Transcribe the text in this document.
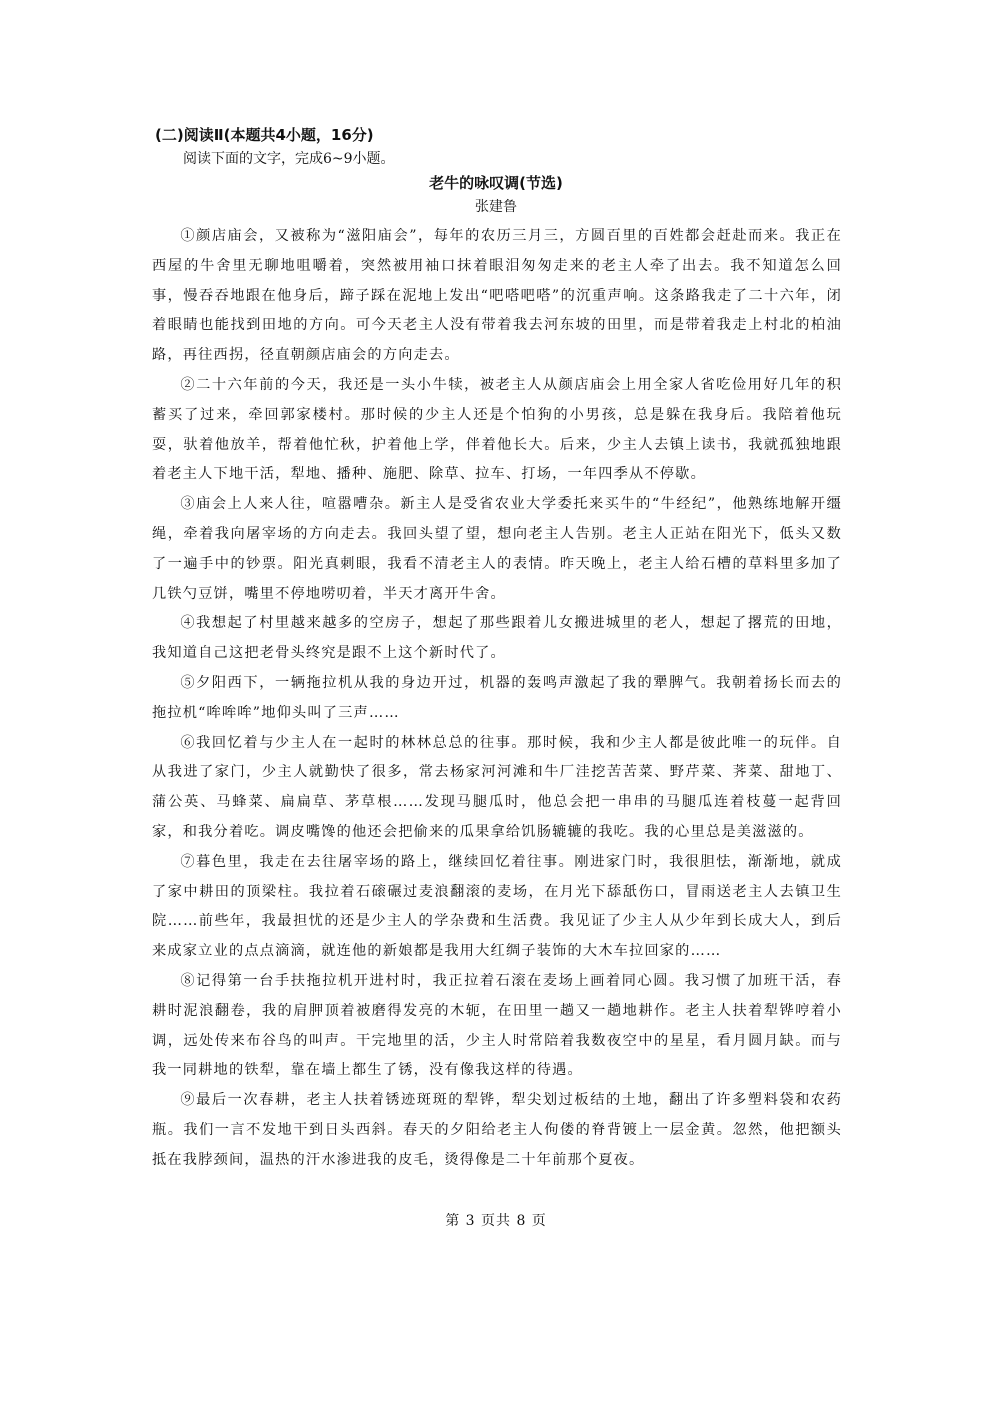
(二)阅读Ⅱ(本题共4小题，16分)
阅读下面的文字，完成6~9小题。
老牛的咏叹调(节选)
张建鲁

①颜店庙会，又被称为“滋阳庙会”，每年的农历三月三，方圆百里的百姓都会赶赴而来。我正在西屋的牛舍里无聊地咀嚼着，突然被用袖口抹着眼泪匆匆走来的老主人牵了出去。我不知道怎么回事，慢吞吞地跟在他身后，蹄子踩在泥地上发出“吧嗒吧嗒”的沉重声响。这条路我走了二十六年，闭着眼睛也能找到田地的方向。可今天老主人没有带着我去河东坡的田里，而是带着我走上村北的柏油路，再往西拐，径直朝颜店庙会的方向走去。

②二十六年前的今天，我还是一头小牛犊，被老主人从颜店庙会上用全家人省吃俭用好几年的积蓄买了过来，牵回郭家楼村。那时候的少主人还是个怕狗的小男孩，总是躲在我身后。我陪着他玩耍，驮着他放羊，帮着他忙秋，护着他上学，伴着他长大。后来，少主人去镇上读书，我就孤独地跟着老主人下地干活，犁地、播种、施肥、除草、拉车、打场，一年四季从不停歇。

③庙会上人来人往，喧嚣嘈杂。新主人是受省农业大学委托来买牛的“牛经纪”，他熟练地解开缰绳，牵着我向屠宰场的方向走去。我回头望了望，想向老主人告别。老主人正站在阳光下，低头又数了一遍手中的钞票。阳光真刺眼，我看不清老主人的表情。昨天晚上，老主人给石槽的草料里多加了几铁勺豆饼，嘴里不停地唠叨着，半天才离开牛舍。

④我想起了村里越来越多的空房子，想起了那些跟着儿女搬进城里的老人，想起了撂荒的田地，我知道自己这把老骨头终究是跟不上这个新时代了。

⑤夕阳西下，一辆拖拉机从我的身边开过，机器的轰鸣声激起了我的犟脾气。我朝着扬长而去的拖拉机“哞哞哞”地仰头叫了三声……

⑥我回忆着与少主人在一起时的林林总总的往事。那时候，我和少主人都是彼此唯一的玩伴。自从我进了家门，少主人就勤快了很多，常去杨家河河滩和牛厂洼挖苦苦菜、野芹菜、荠菜、甜地丁、蒲公英、马蜂菜、扁扁草、茅草根……发现马腿瓜时，他总会把一串串的马腿瓜连着枝蔓一起背回家，和我分着吃。调皮嘴馋的他还会把偷来的瓜果拿给饥肠辘辘的我吃。我的心里总是美滋滋的。

⑦暮色里，我走在去往屠宰场的路上，继续回忆着往事。刚进家门时，我很胆怯，渐渐地，就成了家中耕田的顶梁柱。我拉着石磙碾过麦浪翻滚的麦场，在月光下舔舐伤口，冒雨送老主人去镇卫生院……前些年，我最担忧的还是少主人的学杂费和生活费。我见证了少主人从少年到长成大人，到后来成家立业的点点滴滴，就连他的新娘都是我用大红绸子装饰的大木车拉回家的……

⑧记得第一台手扶拖拉机开进村时，我正拉着石滚在麦场上画着同心圆。我习惯了加班干活，春耕时泥浪翻卷，我的肩胛顶着被磨得发亮的木轭，在田里一趟又一趟地耕作。老主人扶着犁铧哼着小调，远处传来布谷鸟的叫声。干完地里的活，少主人时常陪着我数夜空中的星星，看月圆月缺。而与我一同耕地的铁犁，靠在墙上都生了锈，没有像我这样的待遇。

⑨最后一次春耕，老主人扶着锈迹斑斑的犁铧，犁尖划过板结的土地，翻出了许多塑料袋和农药瓶。我们一言不发地干到日头西斜。春天的夕阳给老主人佝偻的脊背镀上一层金黄。忽然，他把额头抵在我脖颈间，温热的汗水渗进我的皮毛，烫得像是二十年前那个夏夜。

第 3 页共 8 页
